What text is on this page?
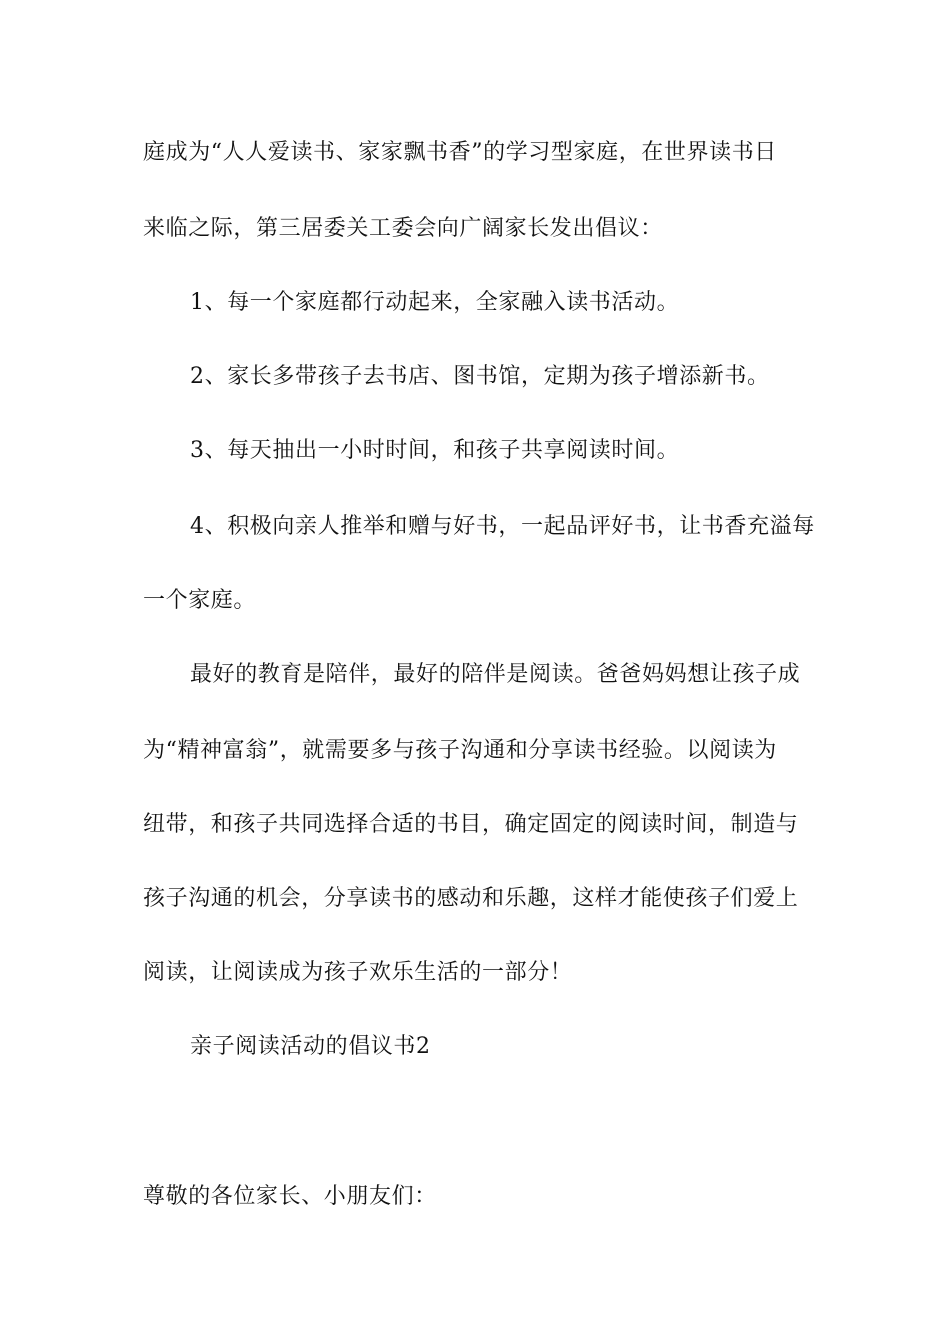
庭成为“人人爱读书、家家飘书香”的学习型家庭，在世界读书日
来临之际，第三居委关工委会向广阔家长发出倡议：
1、每一个家庭都行动起来，全家融入读书活动。
2、家长多带孩子去书店、图书馆，定期为孩子增添新书。
3、每天抽出一小时时间，和孩子共享阅读时间。
4、积极向亲人推举和赠与好书，一起品评好书，让书香充溢每
一个家庭。
最好的教育是陪伴，最好的陪伴是阅读。爸爸妈妈想让孩子成
为“精神富翁”，就需要多与孩子沟通和分享读书经验。以阅读为
纽带，和孩子共同选择合适的书目，确定固定的阅读时间，制造与
孩子沟通的机会，分享读书的感动和乐趣，这样才能使孩子们爱上
阅读，让阅读成为孩子欢乐生活的一部分！
亲子阅读活动的倡议书2
尊敬的各位家长、小朋友们：
